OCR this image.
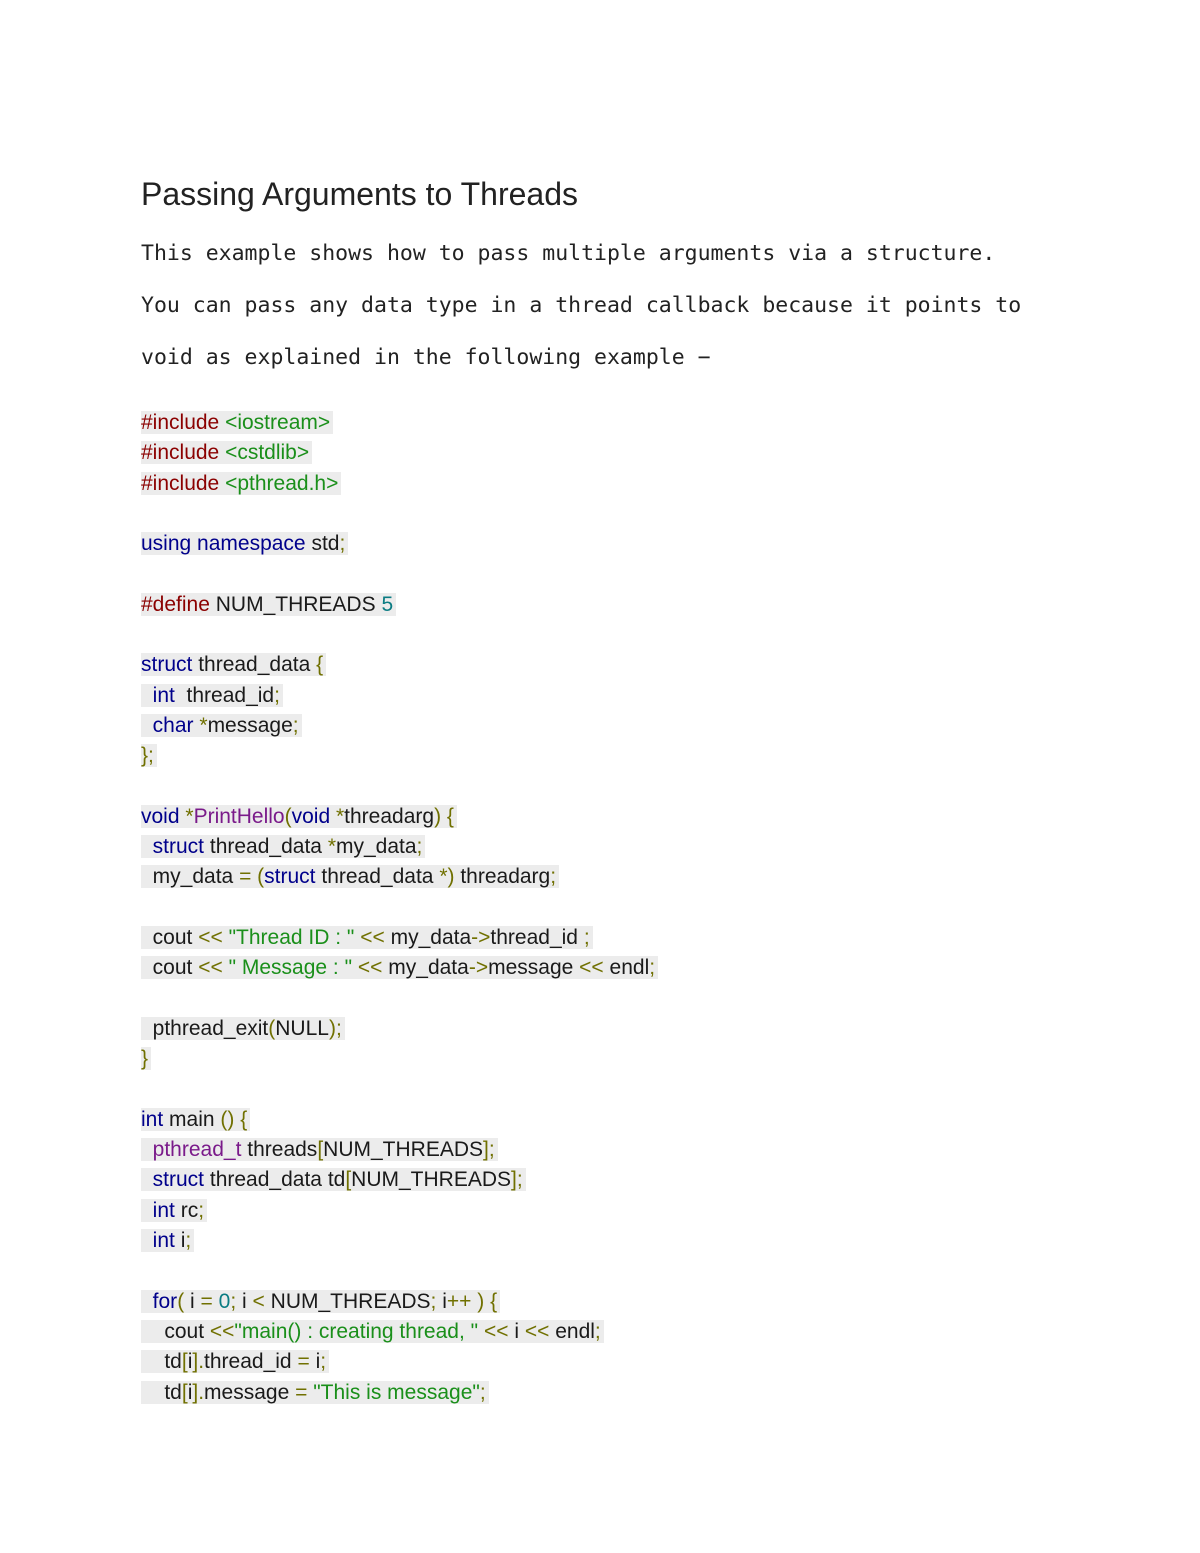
Passing Arguments to Threads
This example shows how to pass multiple arguments via a structure.
You can pass any data type in a thread callback because it points to
void as explained in the following example −
#include <iostream>
#include <cstdlib>
#include <pthread.h>
using namespace std;
#define NUM_THREADS 5
struct thread_data {
int thread_id;
char *message;
};
void *PrintHello(void *threadarg) {
struct thread_data *my_data;
my_data = (struct thread_data *) threadarg;
cout << "Thread ID : " << my_data->thread_id ;
cout << " Message : " << my_data->message << endl;
pthread_exit(NULL);
}
int main () {
pthread_t threads[NUM_THREADS];
struct thread_data td[NUM_THREADS];
int rc;
int i;
for( i = 0; i < NUM_THREADS; i++ ) {
cout <<"main() : creating thread, " << i << endl;
td[i].thread_id = i;
td[i].message = "This is message";
